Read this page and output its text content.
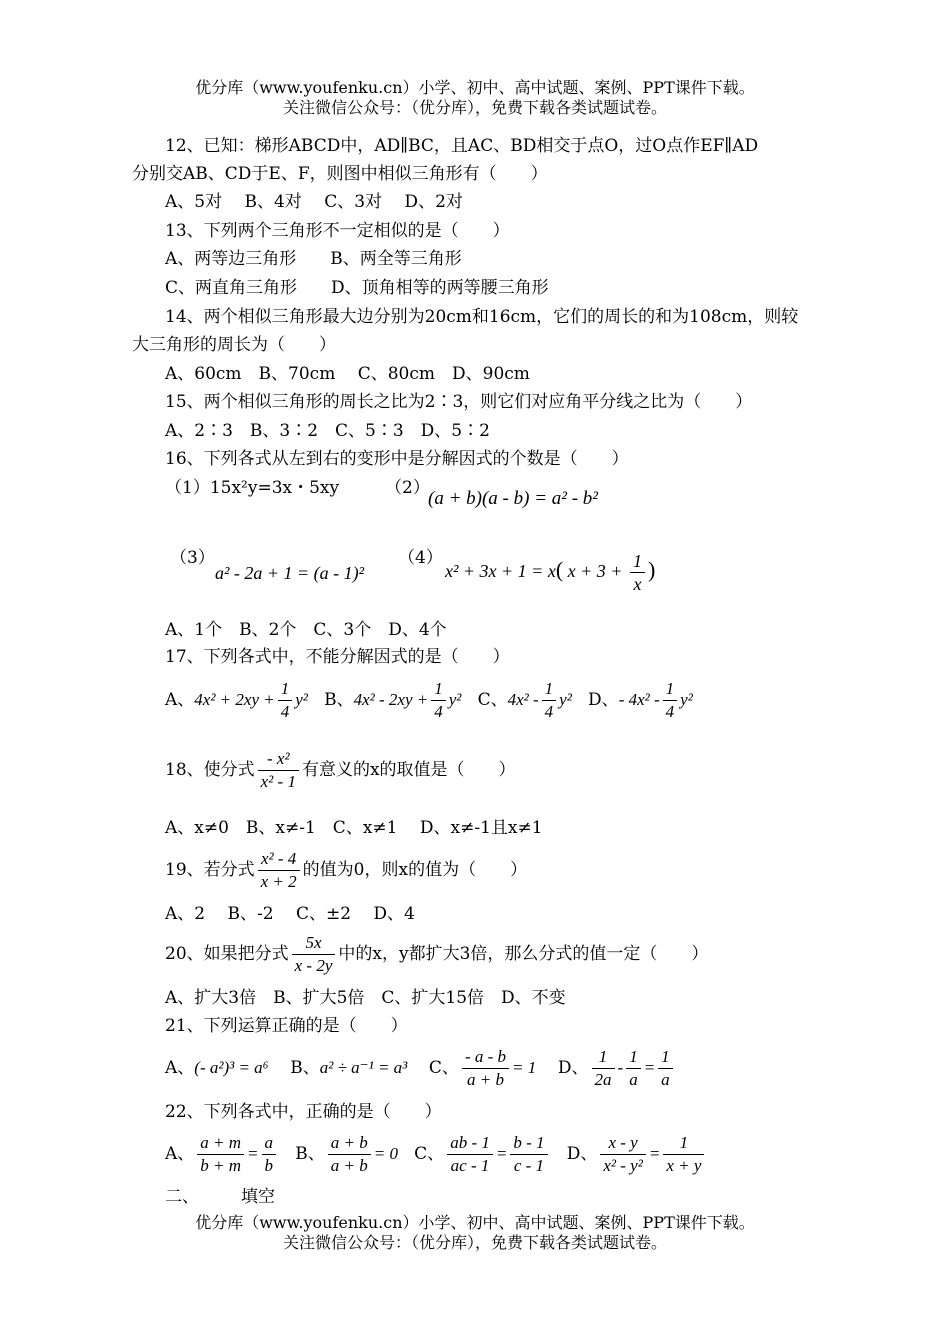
优分库（www.youfenku.cn）小学、初中、高中试题、案例、PPT课件下载。
关注微信公众号：（优分库），免费下载各类试题试卷。
12、已知：梯形ABCD中，AD∥BC，且AC、BD相交于点O，过O点作EF∥AD
分别交AB、CD于E、F，则图中相似三角形有（　　）
A、5对　 B、4对　 C、3对　 D、2对
13、下列两个三角形不一定相似的是（　　）
A、两等边三角形　　B、两全等三角形
C、两直角三角形　　D、顶角相等的两等腰三角形
14、两个相似三角形最大边分别为20cm和16cm，它们的周长的和为108cm，则较
大三角形的周长为（　　）
A、60cm　B、70cm　 C、80cm　D、90cm
15、两个相似三角形的周长之比为2∶3，则它们对应角平分线之比为（　　）
A、2∶3　B、3∶2　C、5∶3　D、5∶2
16、下列各式从左到右的变形中是分解因式的个数是（　　）
（1）15x²y=3x・5xy	（2）
(a + b)(a - b) = a² - b²
（3）
a² - 2a + 1 = (a - 1)²
（4）
x² + 3x + 1 = x( $x + 3 + \frac{1}{x}$ )
A、1个　B、2个　C、3个　D、4个
17、下列各式中，不能分解因式的是（　　）
A、$4x^2 + 2xy + \frac{1}{4} y^2$ B、$4x^2 - 2xy + \frac{1}{4} y^2$ C、$4x^2 - \frac{1}{4} y^2$ D、- $4x^2 - \frac{1}{4} y^2$
18、使分式 $\frac{\text{- x²}}{\text{x² - 1}}$ 有意义的x的取值是（　　）
A、x≠0　B、x≠-1　C、x≠1　 D、x≠-1且x≠1
19、若分式 $\frac{\text{x² - 4}}{x + 2}$ 的值为0，则x的值为（　　）
A、2　 B、-2　 C、±2　 D、4
20、如果把分式 $\frac{5x}{x - 2y}$ 中的x，y都扩大3倍，那么分式的值一定（　　）
A、扩大3倍　B、扩大5倍　C、扩大15倍　D、不变
21、下列运算正确的是（　　）
A、(- a²)³ = a⁶ B、a² ÷ a⁻¹ = a³ C、 $\frac{- a - b}{a + b} = 1$ D、 $\frac{1}{2a} - \frac{1}{a} = \frac{1}{a}$
22、下列各式中，正确的是（　　）
A、 $\frac{a + m}{b + m} = \frac{a}{b}$ B、 $\frac{a + b}{a + b} = 0$ C、 $\frac{ab - 1}{ac - 1} = \frac{b - 1}{c - 1}$ D、 $\frac{x - y}{\text{x² - y²}} = \frac{1}{x + y}$
二、 填空
优分库（www.youfenku.cn）小学、初中、高中试题、案例、PPT课件下载。
关注微信公众号：（优分库），免费下载各类试题试卷。
